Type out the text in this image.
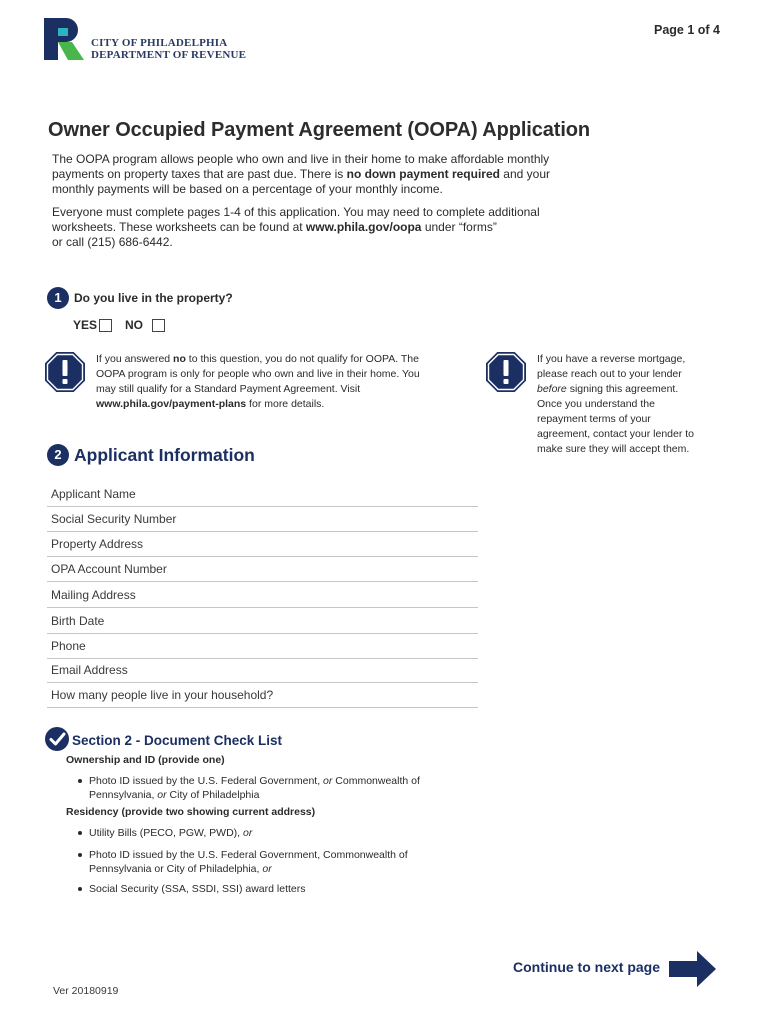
CITY OF PHILADELPHIA
DEPARTMENT OF REVENUE
Page 1 of 4
Owner Occupied Payment Agreement (OOPA) Application
The OOPA program allows people who own and live in their home to make affordable monthly
payments on property taxes that are past due. There is no down payment required and your
monthly payments will be based on a percentage of your monthly income.
Everyone must complete pages 1-4 of this application. You may need to complete additional
worksheets. These worksheets can be found at www.phila.gov/oopa under “forms”
or call (215) 686-6442.
1	Do you live in the property?
YES NO
If you answered no to this question, you do not qualify for OOPA. The
OOPA program is only for people who own and live in their home. You
may still qualify for a Standard Payment Agreement. Visit
www.phila.gov/payment-plans for more details.
If you have a reverse mortgage,
please reach out to your lender
before signing this agreement.
Once you understand the
repayment terms of your
agreement, contact your lender to
make sure they will accept them.
2 Applicant Information
Applicant Name
Social Security Number
Property Address
OPA Account Number
Mailing Address
Birth Date
Phone
Email Address
How many people live in your household?
Section 2 - Document Check List
Ownership and ID (provide one)
Photo ID issued by the U.S. Federal Government, or Commonwealth of
Pennsylvania, or City of Philadelphia
Residency (provide two showing current address)
Utility Bills (PECO, PGW, PWD), or
Photo ID issued by the U.S. Federal Government, Commonwealth of
Pennsylvania or City of Philadelphia, or
Social Security (SSA, SSDI, SSI) award letters
Continue to next page
Ver 20180919
